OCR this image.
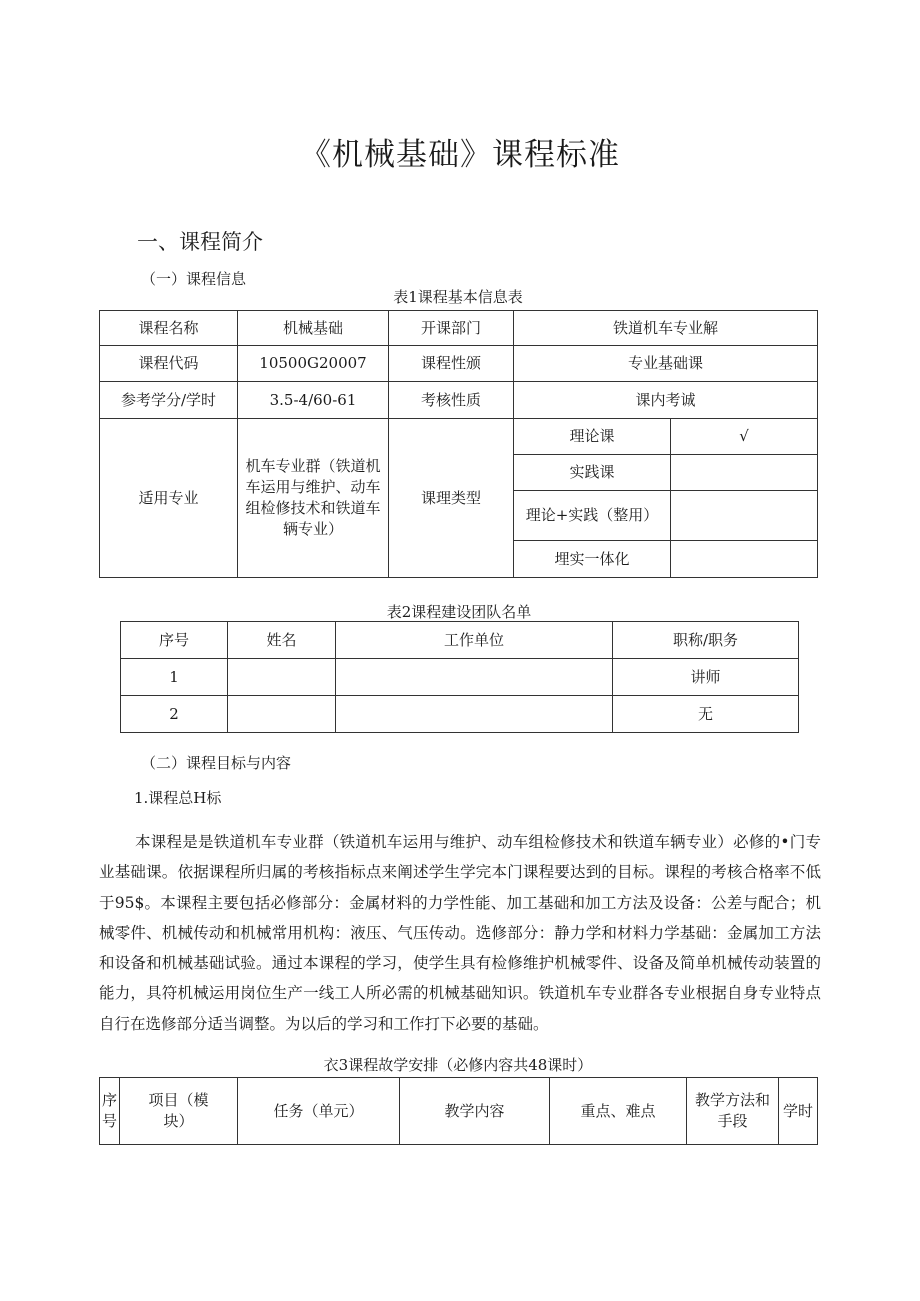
《机械基础》课程标准
一、课程简介
（一）课程信息
表1课程基本信息表
课程名称	机械基础	开课部门	铁道机车专业解	
课程代码	10500G20007	课程性颁	专业基础课	
参考学分/学时	3.5-4/60-61	考核性质	课内考诚	
适用专业	机车专业群（铁道机车运用与维护、动车组检修技术和铁道车辆专业）	课理类型	理论课	√
			实践课	
			理论+实践（整用）	
			埋实一体化	
表2课程建设团队名单
序号	姓名	工作单位	职称/职务
1			讲师
2			无
（二）课程目标与内容
1.课程总H标

本课程是是铁道机车专业群（铁道机车运用与维护、动车组检修技术和铁道车辆专业）必修的•门专业基础课。依据课程所归属的考核指标点来阐述学生学完本门课程要达到的目标。课程的考核合格率不低于95$。本课程主要包括必修部分：金属材料的力学性能、加工基础和加工方法及设备：公差与配合；机械零件、机械传动和机械常用机构：液压、气压传动。选修部分：静力学和材料力学基础：金属加工方法和设备和机械基础试验。通过本课程的学习，使学生具有检修维护机械零件、设备及简单机械传动装置的能力，具符机械运用岗位生产一线工人所必需的机械基础知识。铁道机车专业群各专业根据自身专业特点自行在选修部分适当调整。为以后的学习和工作打下必要的基础。

衣3课程故学安排（必修内容共48课时）
序号	项目（模块）	任务（单元）	教学内容	重点、难点	教学方法和手段	学时
